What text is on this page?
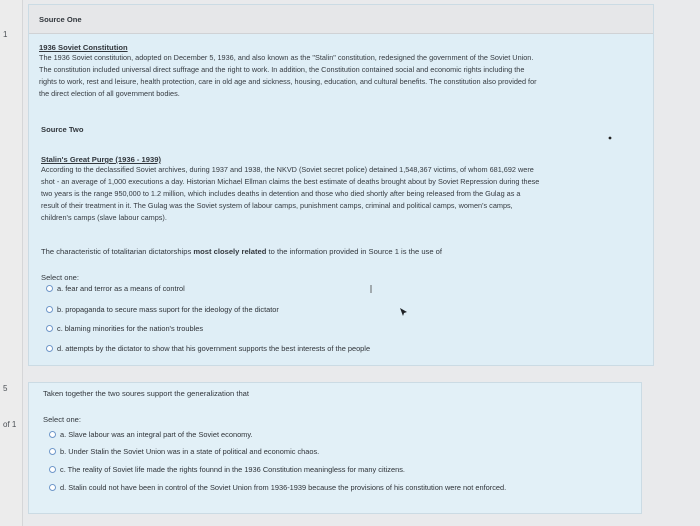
1
5
of 1
Source One
1936 Soviet Constitution
The 1936 Soviet constitution, adopted on December 5, 1936, and also known as the "Stalin" constitution, redesigned the government of the Soviet Union.
The constitution included universal direct suffrage and the right to work. In addition, the Constitution contained social and economic rights including the
rights to work, rest and leisure, health protection, care in old age and sickness, housing, education, and cultural benefits. The constitution also provided for
the direct election of all government bodies.
Source Two
Stalin's Great Purge (1936 - 1939)
According to the declassified Soviet archives, during 1937 and 1938, the NKVD (Soviet secret police) detained 1,548,367 victims, of whom 681,692 were
shot - an average of 1,000 executions a day. Historian Michael Ellman claims the best estimate of deaths brought about by Soviet Repression during these
two years is the range 950,000 to 1.2 million, which includes deaths in detention and those who died shortly after being released from the Gulag as a
result of their treatment in it. The Gulag was the Soviet system of labour camps, punishment camps, criminal and political camps, women's camps,
children's camps (slave labour camps).
The characteristic of totalitarian dictatorships most closely related to the information provided in Source 1 is the use of
Select one:
a. fear and terror as a means of control
b. propaganda to secure mass suport for the ideology of the dictator
c. blaming minorities for the nation's troubles
d. attempts by the dictator to show that his government supports the best interests of the people
Taken together the two soures support the generalization that
Select one:
a. Slave labour was an integral part of the Soviet economy.
b. Under Stalin the Soviet Union was in a state of political and economic chaos.
c. The reality of Soviet life made the rights founnd in the 1936 Constitution meaningless for many citizens.
d. Stalin could not have been in control of the Soviet Union from 1936-1939 because the provisions of his constitution were not enforced.
